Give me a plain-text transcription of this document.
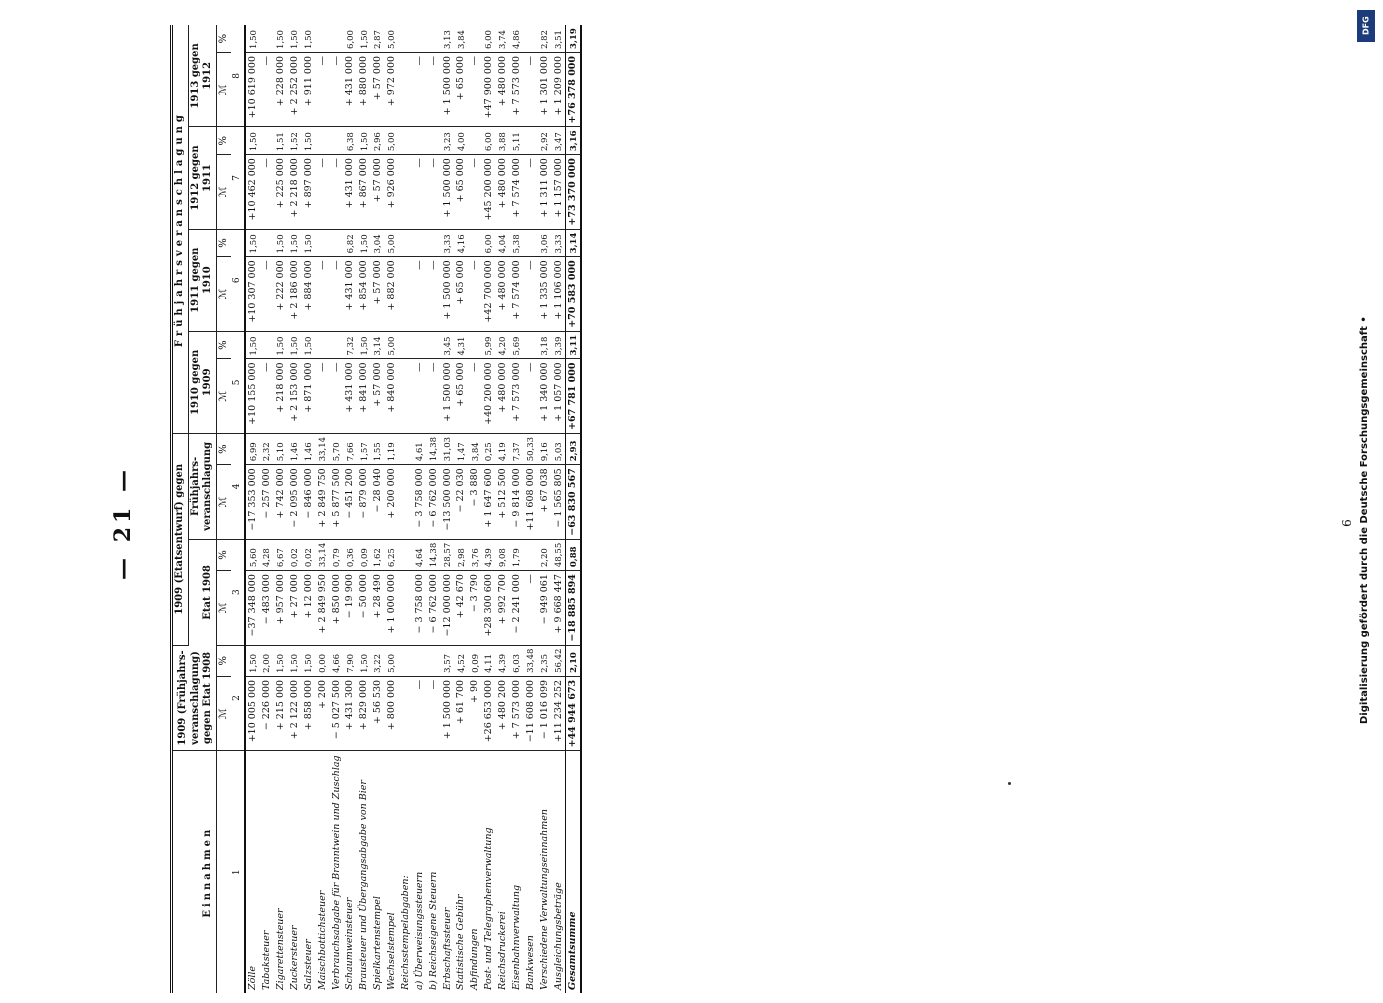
— 21 —
Einnahmen	1909 (Frühjahrs-veranschlagung) gegen Etat 1908		1909 (Etatsentwurf) gegen				Frühjahrsveranschlagung							
			Etat 1908		Frühjahrs-veranschlagung		1910 gegen 1909		1911 gegen 1910		1912 gegen 1911		1913 gegen 1912	
	ℳ	%	ℳ	%	ℳ	%	ℳ	%	ℳ	%	ℳ	%	ℳ	%
1	2		3		4		5		6		7		8	
Zölle	+10 005 000	1,50	−37 348 000	5,60	−17 353 000	6,99	+10 155 000	1,50	+10 307 000	1,50	+10 462 000	1,50	+10 619 000	1,50
Tabaksteuer	− 226 000	2,00	− 483 000	4,28	− 257 000	2,32	—		—		—		—	
Zigarettensteuer	+ 215 000	1,50	+ 957 000	6,67	+ 742 000	5,10	+ 218 000	1,50	+ 222 000	1,50	+ 225 000	1,51	+ 228 000	1,50
Zuckersteuer	+ 2 122 000	1,50	+ 27 000	0,02	− 2 095 000	1,46	+ 2 153 000	1,50	+ 2 186 000	1,50	+ 2 218 000	1,52	+ 2 252 000	1,50
Salzsteuer	+ 858 000	1,50	+ 12 000	0,02	− 846 000	1,46	+ 871 000	1,50	+ 884 000	1,50	+ 897 000	1,50	+ 911 000	1,50
Maischbottichsteuer	+ 200	0,00	+ 2 849 950	33,14	+ 2 849 750	33,14	—		—		—		—	
Verbrauchsabgabe für Branntwein und Zuschlag	− 5 027 500	4,66	+ 850 000	0,79	+ 5 877 500	5,70	—		—		—		—	
Schaumweinsteuer	+ 431 300	7,90	− 19 900	0,36	− 451 200	7,66	+ 431 000	7,32	+ 431 000	6,82	+ 431 000	6,38	+ 431 000	6,00
Brausteuer und Übergangsabgabe von Bier	+ 829 000	1,50	− 50 000	0,09	− 879 000	1,57	+ 841 000	1,50	+ 854 000	1,50	+ 867 000	1,50	+ 880 000	1,50
Spielkartenstempel	+ 56 530	3,22	+ 28 490	1,62	− 28 040	1,55	+ 57 000	3,14	+ 57 000	3,04	+ 57 000	2,96	+ 57 000	2,87
Wechselstempel	+ 800 000	5,00	+ 1 000 000	6,25	+ 200 000	1,19	+ 840 000	5,00	+ 882 000	5,00	+ 926 000	5,00	+ 972 000	5,00
Reichsstempelabgaben:														
a) Überweisungssteuern	—		− 3 758 000	4,64	− 3 758 000	4,61	—		—		—		—	
b) Reichseigene Steuern	—		− 6 762 000	14,38	− 6 762 000	14,38	—		—		—		—	
Erbschaftssteuer	+ 1 500 000	3,57	−12 000 000	28,57	−13 500 000	31,03	+ 1 500 000	3,45	+ 1 500 000	3,33	+ 1 500 000	3,23	+ 1 500 000	3,13
Statistische Gebühr	+ 61 700	4,52	+ 42 670	2,98	− 22 030	1,47	+ 65 000	4,31	+ 65 000	4,16	+ 65 000	4,00	+ 65 000	3,84
Abfindungen	+ 90	0,09	− 3 790	3,76	− 3 880	3,84	—		—		—		—	
Post- und Telegraphenverwaltung	+26 653 000	4,11	+28 300 600	4,39	+ 1 647 600	0,25	+40 200 000	5,99	+42 700 000	6,00	+45 200 000	6,00	+47 900 000	6,00
Reichsdruckerei	+ 480 200	4,39	+ 992 700	9,08	+ 512 500	4,19	+ 480 000	4,20	+ 480 000	4,04	+ 480 000	3,88	+ 480 000	3,74
Eisenbahnverwaltung	+ 7 573 000	6,03	− 2 241 000	1,79	− 9 814 000	7,37	+ 7 573 000	5,69	+ 7 574 000	5,38	+ 7 574 000	5,11	+ 7 573 000	4,86
Bankwesen	−11 608 000	33,48	—		+11 608 000	50,33	—		—		—		—	
Verschiedene Verwaltungseinnahmen	− 1 016 099	2,35	− 949 061	2,20	+ 67 038	9,16	+ 1 340 000	3,18	+ 1 335 000	3,06	+ 1 311 000	2,92	+ 1 301 000	2,82
Ausgleichungsbeträge	+11 234 252	56,42	+ 9 668 447	48,55	− 1 565 805	5,03	+ 1 057 000	3,39	+ 1 106 000	3,33	+ 1 157 000	3,47	+ 1 209 000	3,51
Gesamtsumme	+44 944 673	2,10	−18 885 894	0,88	−63 830 567	2,93	+67 781 000	3,11	+70 583 000	3,14	+73 370 000	3,16	+76 378 000	3,19
6
DFG
Digitalisierung gefördert durch die Deutsche Forschungsgemeinschaft •
